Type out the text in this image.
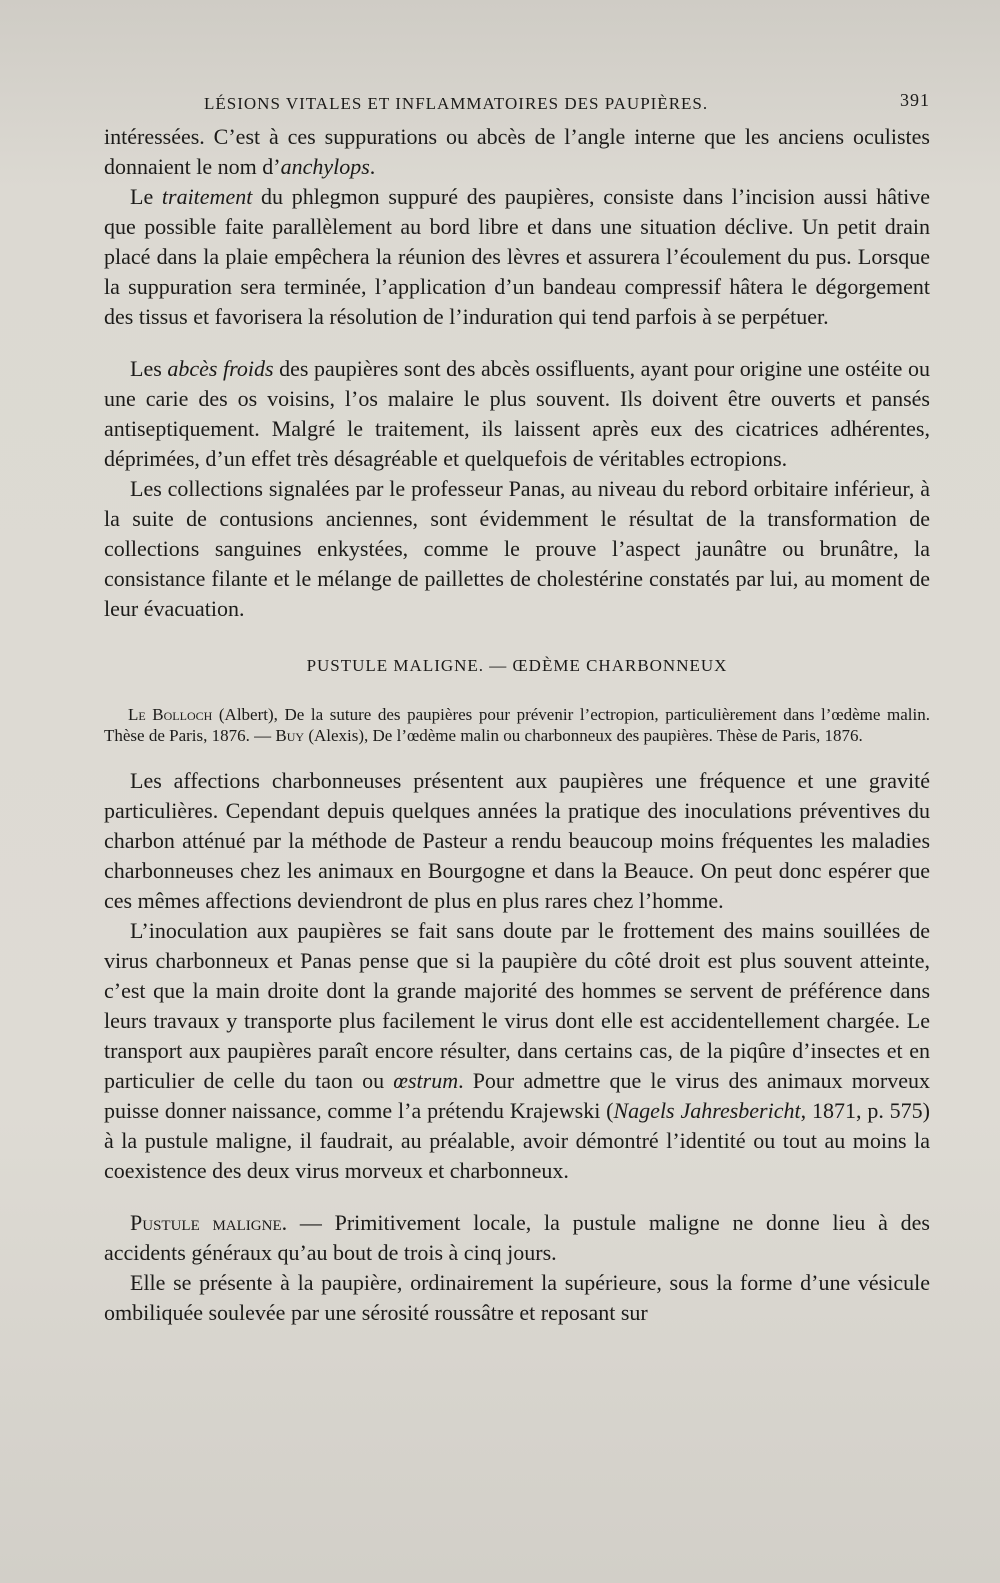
LÉSIONS VITALES ET INFLAMMATOIRES DES PAUPIÈRES.	391

intéressées. C’est à ces suppurations ou abcès de l’angle interne que les anciens oculistes donnaient le nom d’anchylops.

Le traitement du phlegmon suppuré des paupières, consiste dans l’incision aussi hâtive que possible faite parallèlement au bord libre et dans une situation déclive. Un petit drain placé dans la plaie empêchera la réunion des lèvres et assurera l’écoulement du pus. Lorsque la suppuration sera terminée, l’application d’un bandeau compressif hâtera le dégorgement des tissus et favorisera la résolution de l’induration qui tend parfois à se perpétuer.

Les abcès froids des paupières sont des abcès ossifluents, ayant pour origine une ostéite ou une carie des os voisins, l’os malaire le plus souvent. Ils doivent être ouverts et pansés antiseptiquement. Malgré le traitement, ils laissent après eux des cicatrices adhérentes, déprimées, d’un effet très désagréable et quelquefois de véritables ectropions.

Les collections signalées par le professeur Panas, au niveau du rebord orbitaire inférieur, à la suite de contusions anciennes, sont évidemment le résultat de la transformation de collections sanguines enkystées, comme le prouve l’aspect jaunâtre ou brunâtre, la consistance filante et le mélange de paillettes de cholestérine constatés par lui, au moment de leur évacuation.

PUSTULE MALIGNE. — ŒDÈME CHARBONNEUX

Le Bolloch (Albert), De la suture des paupières pour prévenir l’ectropion, particulièrement dans l’œdème malin. Thèse de Paris, 1876. — Buy (Alexis), De l’œdème malin ou charbonneux des paupières. Thèse de Paris, 1876.

Les affections charbonneuses présentent aux paupières une fréquence et une gravité particulières. Cependant depuis quelques années la pratique des inoculations préventives du charbon atténué par la méthode de Pasteur a rendu beaucoup moins fréquentes les maladies charbonneuses chez les animaux en Bourgogne et dans la Beauce. On peut donc espérer que ces mêmes affections deviendront de plus en plus rares chez l’homme.

L’inoculation aux paupières se fait sans doute par le frottement des mains souillées de virus charbonneux et Panas pense que si la paupière du côté droit est plus souvent atteinte, c’est que la main droite dont la grande majorité des hommes se servent de préférence dans leurs travaux y transporte plus facilement le virus dont elle est accidentellement chargée. Le transport aux paupières paraît encore résulter, dans certains cas, de la piqûre d’insectes et en particulier de celle du taon ou œstrum. Pour admettre que le virus des animaux morveux puisse donner naissance, comme l’a prétendu Krajewski (Nagels Jahresbericht, 1871, p. 575) à la pustule maligne, il faudrait, au préalable, avoir démontré l’identité ou tout au moins la coexistence des deux virus morveux et charbonneux.

Pustule maligne. — Primitivement locale, la pustule maligne ne donne lieu à des accidents généraux qu’au bout de trois à cinq jours.

Elle se présente à la paupière, ordinairement la supérieure, sous la forme d’une vésicule ombiliquée soulevée par une sérosité roussâtre et reposant sur
